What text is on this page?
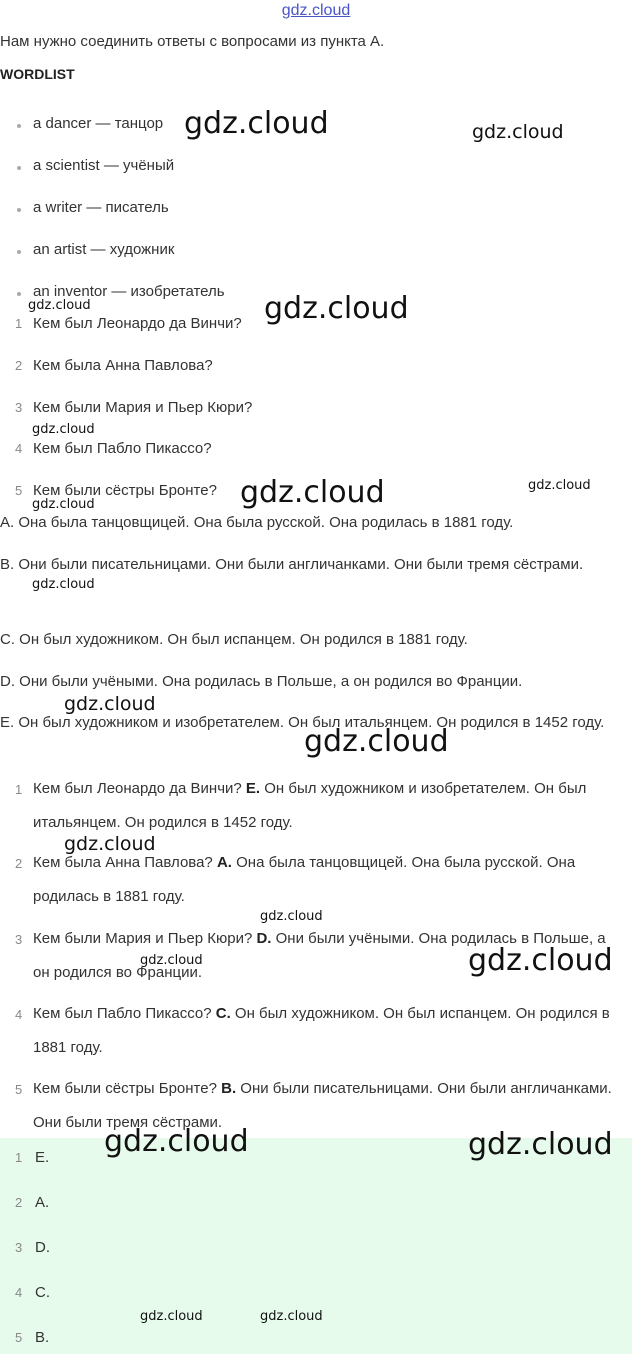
gdz.cloud
Нам нужно соединить ответы с вопросами из пункта А.
WORDLIST
a dancer — танцор
a scientist — учёный
a writer — писатель
an artist — художник
an inventor — изобретатель
1 Кем был Леонардо да Винчи?
2 Кем была Анна Павлова?
3 Кем были Мария и Пьер Кюри?
4 Кем был Пабло Пикассо?
5 Кем были сёстры Бронте?
A. Она была танцовщицей. Она была русской. Она родилась в 1881 году.
B. Они были писательницами. Они были англичанками. Они были тремя сёстрами.
C. Он был художником. Он был испанцем. Он родился в 1881 году.
D. Они были учёными. Она родилась в Польше, а он родился во Франции.
E. Он был художником и изобретателем. Он был итальянцем. Он родился в 1452 году.
1 Кем был Леонардо да Винчи? E. Он был художником и изобретателем. Он был итальянцем. Он родился в 1452 году.
2 Кем была Анна Павлова? A. Она была танцовщицей. Она была русской. Она родилась в 1881 году.
3 Кем были Мария и Пьер Кюри? D. Они были учёными. Она родилась в Польше, а он родился во Франции.
4 Кем был Пабло Пикассо? C. Он был художником. Он был испанцем. Он родился в 1881 году.
5 Кем были сёстры Бронте? B. Они были писательницами. Они были англичанками. Они были тремя сёстрами.
1 E.
2 A.
3 D.
4 C.
5 B.
gdz.cloud	gdz.cloud
gdz.cloud
gdz.cloud
gdz.cloud
gdz.cloud	gdz.cloud
gdz.cloud
gdz.cloud
gdz.cloud
gdz.cloud
gdz.cloud
gdz.cloud
gdz.cloud	gdz.cloud
gdz.cloud	gdz.cloud
gdz.cloud	gdz.cloud
